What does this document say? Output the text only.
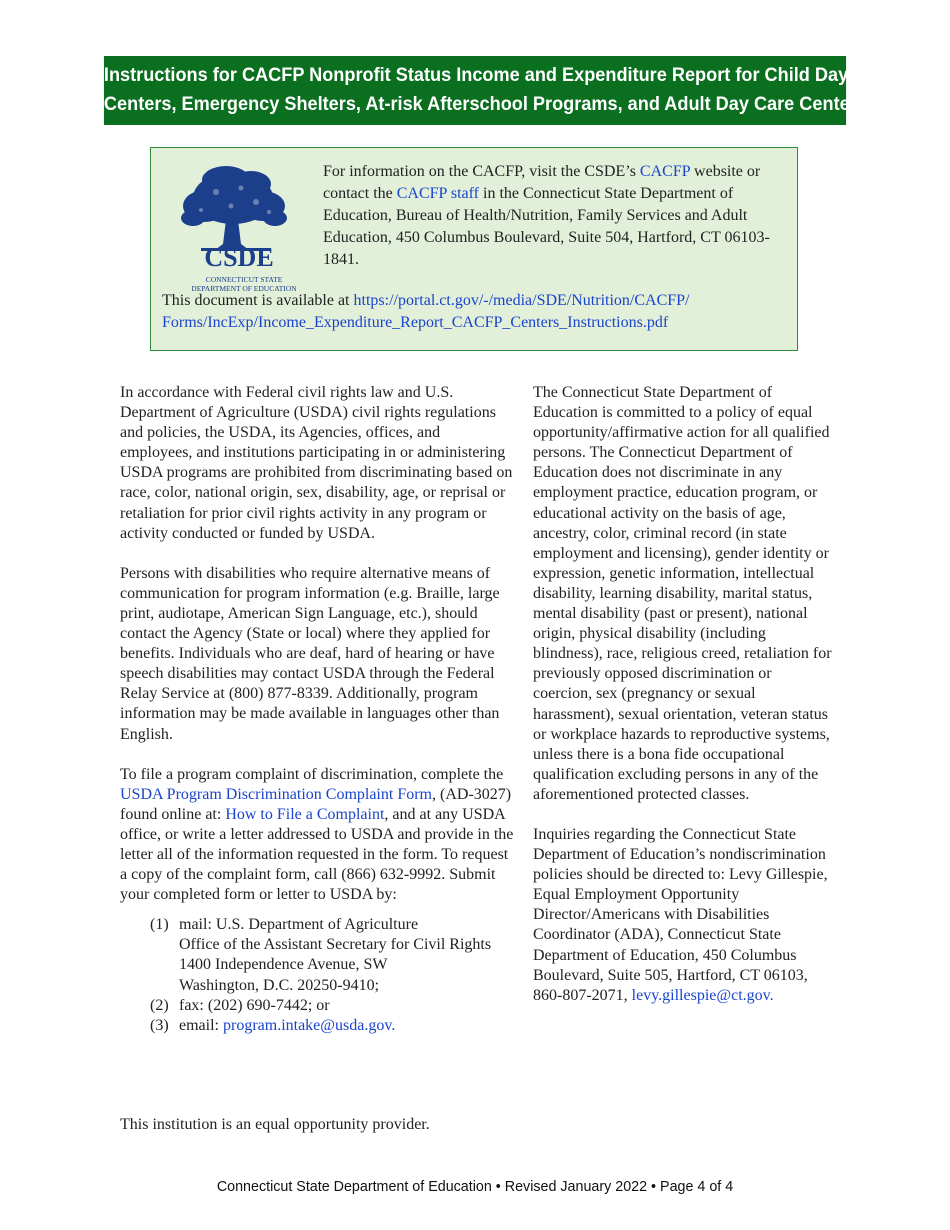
Instructions for CACFP Nonprofit Status Income and Expenditure Report for Child Day Care
Centers, Emergency Shelters, At-risk Afterschool Programs, and Adult Day Care Centers
CSDE
CONNECTICUT STATE
DEPARTMENT OF EDUCATION
For information on the CACFP, visit the CSDE’s CACFP website or contact the CACFP staff in the Connecticut State Department of Education, Bureau of Health/Nutrition, Family Services and Adult Education, 450 Columbus Boulevard, Suite 504, Hartford, CT 06103-1841.
This document is available at https://portal.ct.gov/-/media/SDE/Nutrition/CACFP/
Forms/IncExp/Income_Expenditure_Report_CACFP_Centers_Instructions.pdf

In accordance with Federal civil rights law and U.S. Department of Agriculture (USDA) civil rights regulations and policies, the USDA, its Agencies, offices, and employees, and institutions participating in or administering USDA programs are prohibited from discriminating based on race, color, national origin, sex, disability, age, or reprisal or retaliation for prior civil rights activity in any program or activity conducted or funded by USDA.

Persons with disabilities who require alternative means of communication for program information (e.g. Braille, large print, audiotape, American Sign Language, etc.), should contact the Agency (State or local) where they applied for benefits. Individuals who are deaf, hard of hearing or have speech disabilities may contact USDA through the Federal Relay Service at (800) 877-8339. Additionally, program information may be made available in languages other than English.

To file a program complaint of discrimination, complete the USDA Program Discrimination Complaint Form, (AD-3027) found online at: How to File a Complaint, and at any USDA office, or write a letter addressed to USDA and provide in the letter all of the information requested in the form. To request a copy of the complaint form, call (866) 632-9992. Submit your completed form or letter to USDA by:

(1) mail: U.S. Department of Agriculture
Office of the Assistant Secretary for Civil Rights
1400 Independence Avenue, SW
Washington, D.C. 20250-9410;
(2) fax: (202) 690-7442; or
(3) email: program.intake@usda.gov.
This institution is an equal opportunity provider.

The Connecticut State Department of Education is committed to a policy of equal opportunity/affirmative action for all qualified persons. The Connecticut Department of Education does not discriminate in any employment practice, education program, or educational activity on the basis of age, ancestry, color, criminal record (in state employment and licensing), gender identity or expression, genetic information, intellectual disability, learning disability, marital status, mental disability (past or present), national origin, physical disability (including blindness), race, religious creed, retaliation for previously opposed discrimination or coercion, sex (pregnancy or sexual harassment), sexual orientation, veteran status or workplace hazards to reproductive systems, unless there is a bona fide occupational qualification excluding persons in any of the aforementioned protected classes.

Inquiries regarding the Connecticut State Department of Education’s nondiscrimination policies should be directed to: Levy Gillespie, Equal Employment Opportunity Director/Americans with Disabilities Coordinator (ADA), Connecticut State Department of Education, 450 Columbus Boulevard, Suite 505, Hartford, CT 06103, 860-807-2071, levy.gillespie@ct.gov.

Connecticut State Department of Education • Revised January 2022 • Page 4 of 4
